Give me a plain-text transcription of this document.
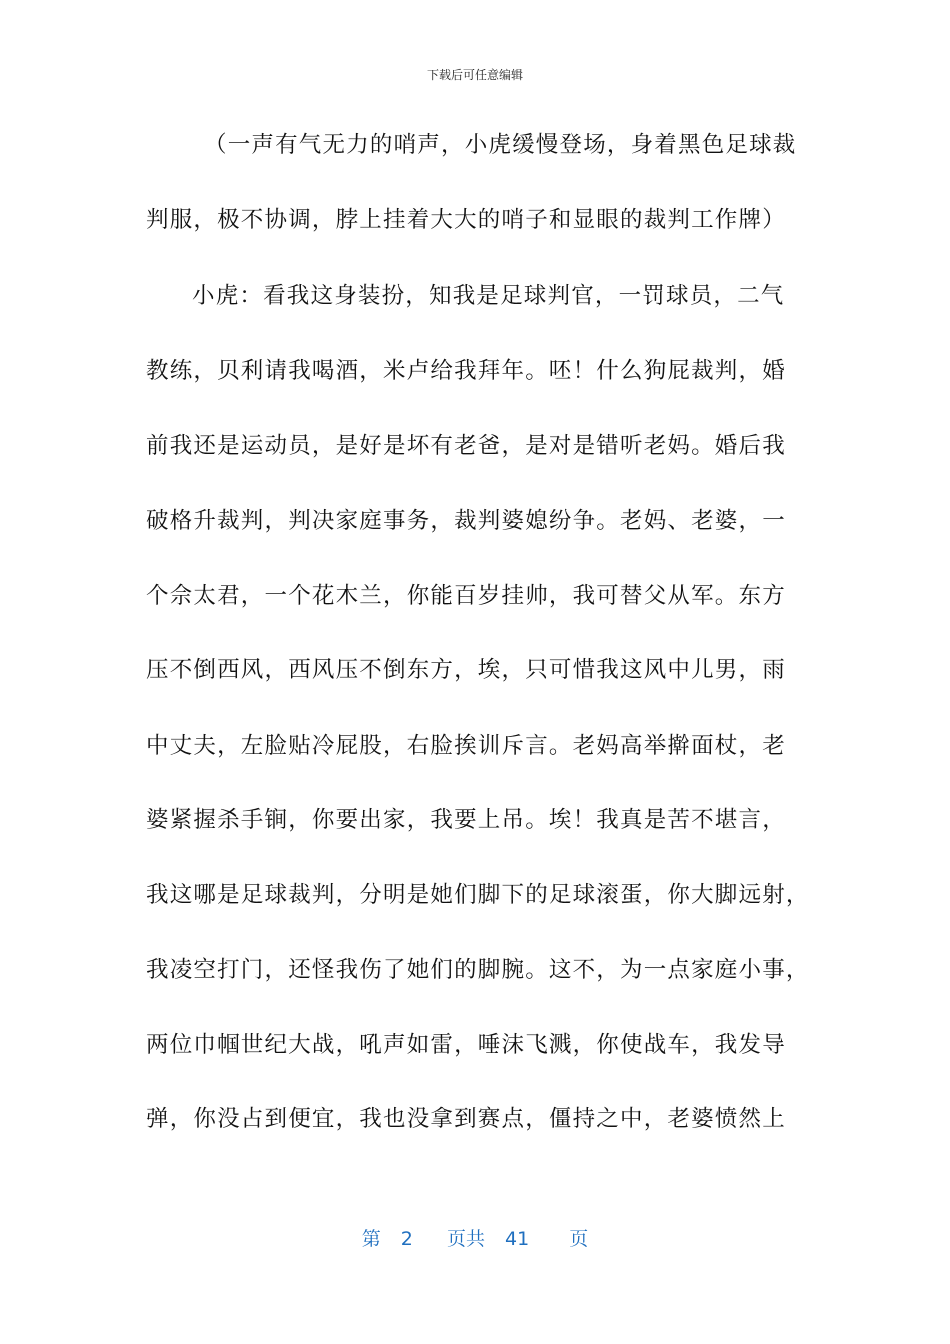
下载后可任意编辑
（一声有气无力的哨声，小虎缓慢登场，身着黑色足球裁
判服，极不协调，脖上挂着大大的哨子和显眼的裁判工作牌）
小虎：看我这身装扮，知我是足球判官，一罚球员，二气
教练，贝利请我喝酒，米卢给我拜年。呸！什么狗屁裁判，婚
前我还是运动员，是好是坏有老爸，是对是错听老妈。婚后我
破格升裁判，判决家庭事务，裁判婆媳纷争。老妈、老婆，一
个佘太君，一个花木兰，你能百岁挂帅，我可替父从军。东方
压不倒西风，西风压不倒东方，埃，只可惜我这风中儿男，雨
中丈夫，左脸贴冷屁股，右脸挨训斥言。老妈高举擀面杖，老
婆紧握杀手锏，你要出家，我要上吊。埃！我真是苦不堪言，
我这哪是足球裁判，分明是她们脚下的足球滚蛋，你大脚远射，
我凌空打门，还怪我伤了她们的脚腕。这不，为一点家庭小事，
两位巾帼世纪大战，吼声如雷，唾沫飞溅，你使战车，我发导
弹，你没占到便宜，我也没拿到赛点，僵持之中，老婆愤然上
第 2 页共 41 页
